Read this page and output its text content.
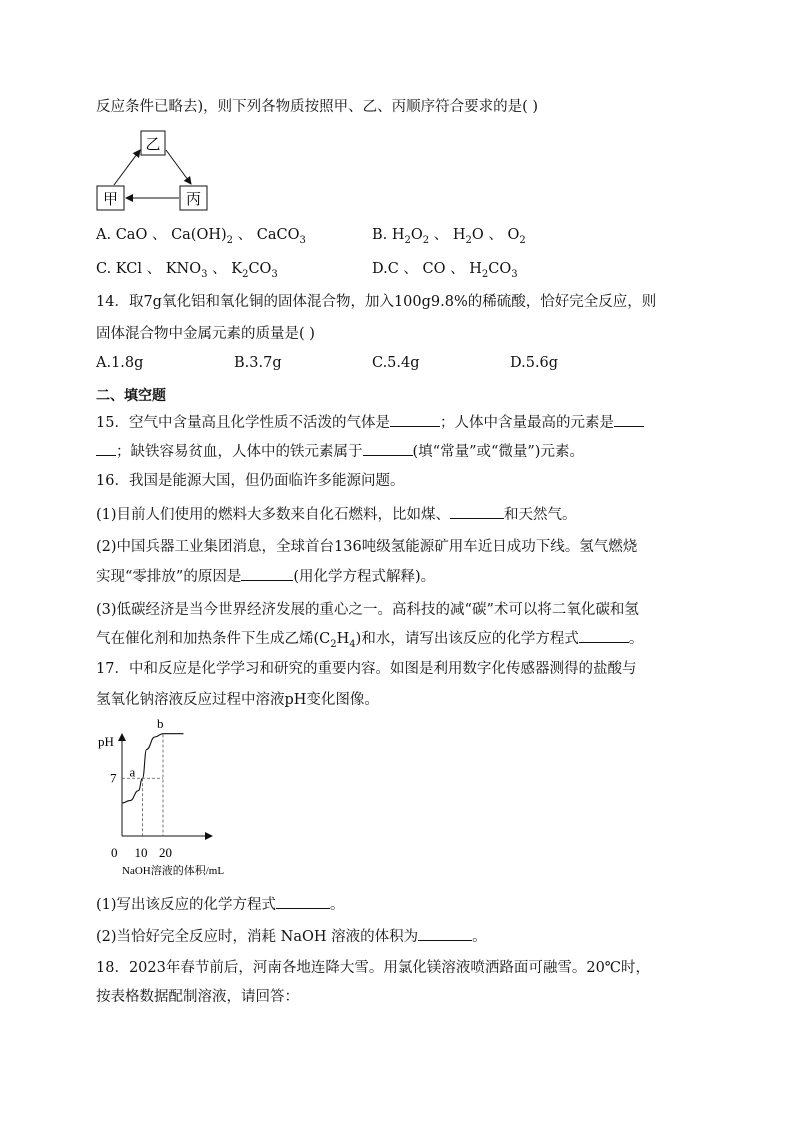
反应条件已略去)，则下列各物质按照甲、乙、丙顺序符合要求的是( )
乙
甲	丙
A. CaO 、 $Ca(OH)_2$ 、 CaCO$_3$	B. $H_2O_2$ 、 $H_2O$ 、 $O_2$
C. KCl 、 $KNO_3$ 、 $K_2CO_3$	D.C 、 CO 、 $H_2CO_3$
14．取7g氧化铝和氧化铜的固体混合物，加入100g9.8%的稀硫酸，恰好完全反应，则
固体混合物中金属元素的质量是( )
A.1.8g	B.3.7g	C.5.4g	D.5.6g
二、填空题
15．空气中含量高且化学性质不活泼的气体是	；人体中含量最高的元素是
；缺铁容易贫血，人体中的铁元素属于	(填“常量”或“微量”)元素。
16．我国是能源大国，但仍面临许多能源问题。
(1)目前人们使用的燃料大多数来自化石燃料，比如煤、	和天然气。
(2)中国兵器工业集团消息，全球首台136吨级氢能源矿用车近日成功下线。氢气燃烧
实现“零排放”的原因是	(用化学方程式解释)。
(3)低碳经济是当今世界经济发展的重心之一。高科技的减“碳”术可以将二氧化碳和氢
气在催化剂和加热条件下生成乙烯$(C_2H_4)$和水，请写出该反应的化学方程式	。
17．中和反应是化学学习和研究的重要内容。如图是利用数字化传感器测得的盐酸与
氢氧化钠溶液反应过程中溶液pH变化图像。
pH
0
NaOH溶液的体积/mL
7
10 20
a
b
(1)写出该反应的化学方程式	。
(2)当恰好完全反应时，消耗 NaOH 溶液的体积为	。
18．2023年春节前后，河南各地连降大雪。用氯化镁溶液喷洒路面可融雪。20℃时，
按表格数据配制溶液，请回答：
